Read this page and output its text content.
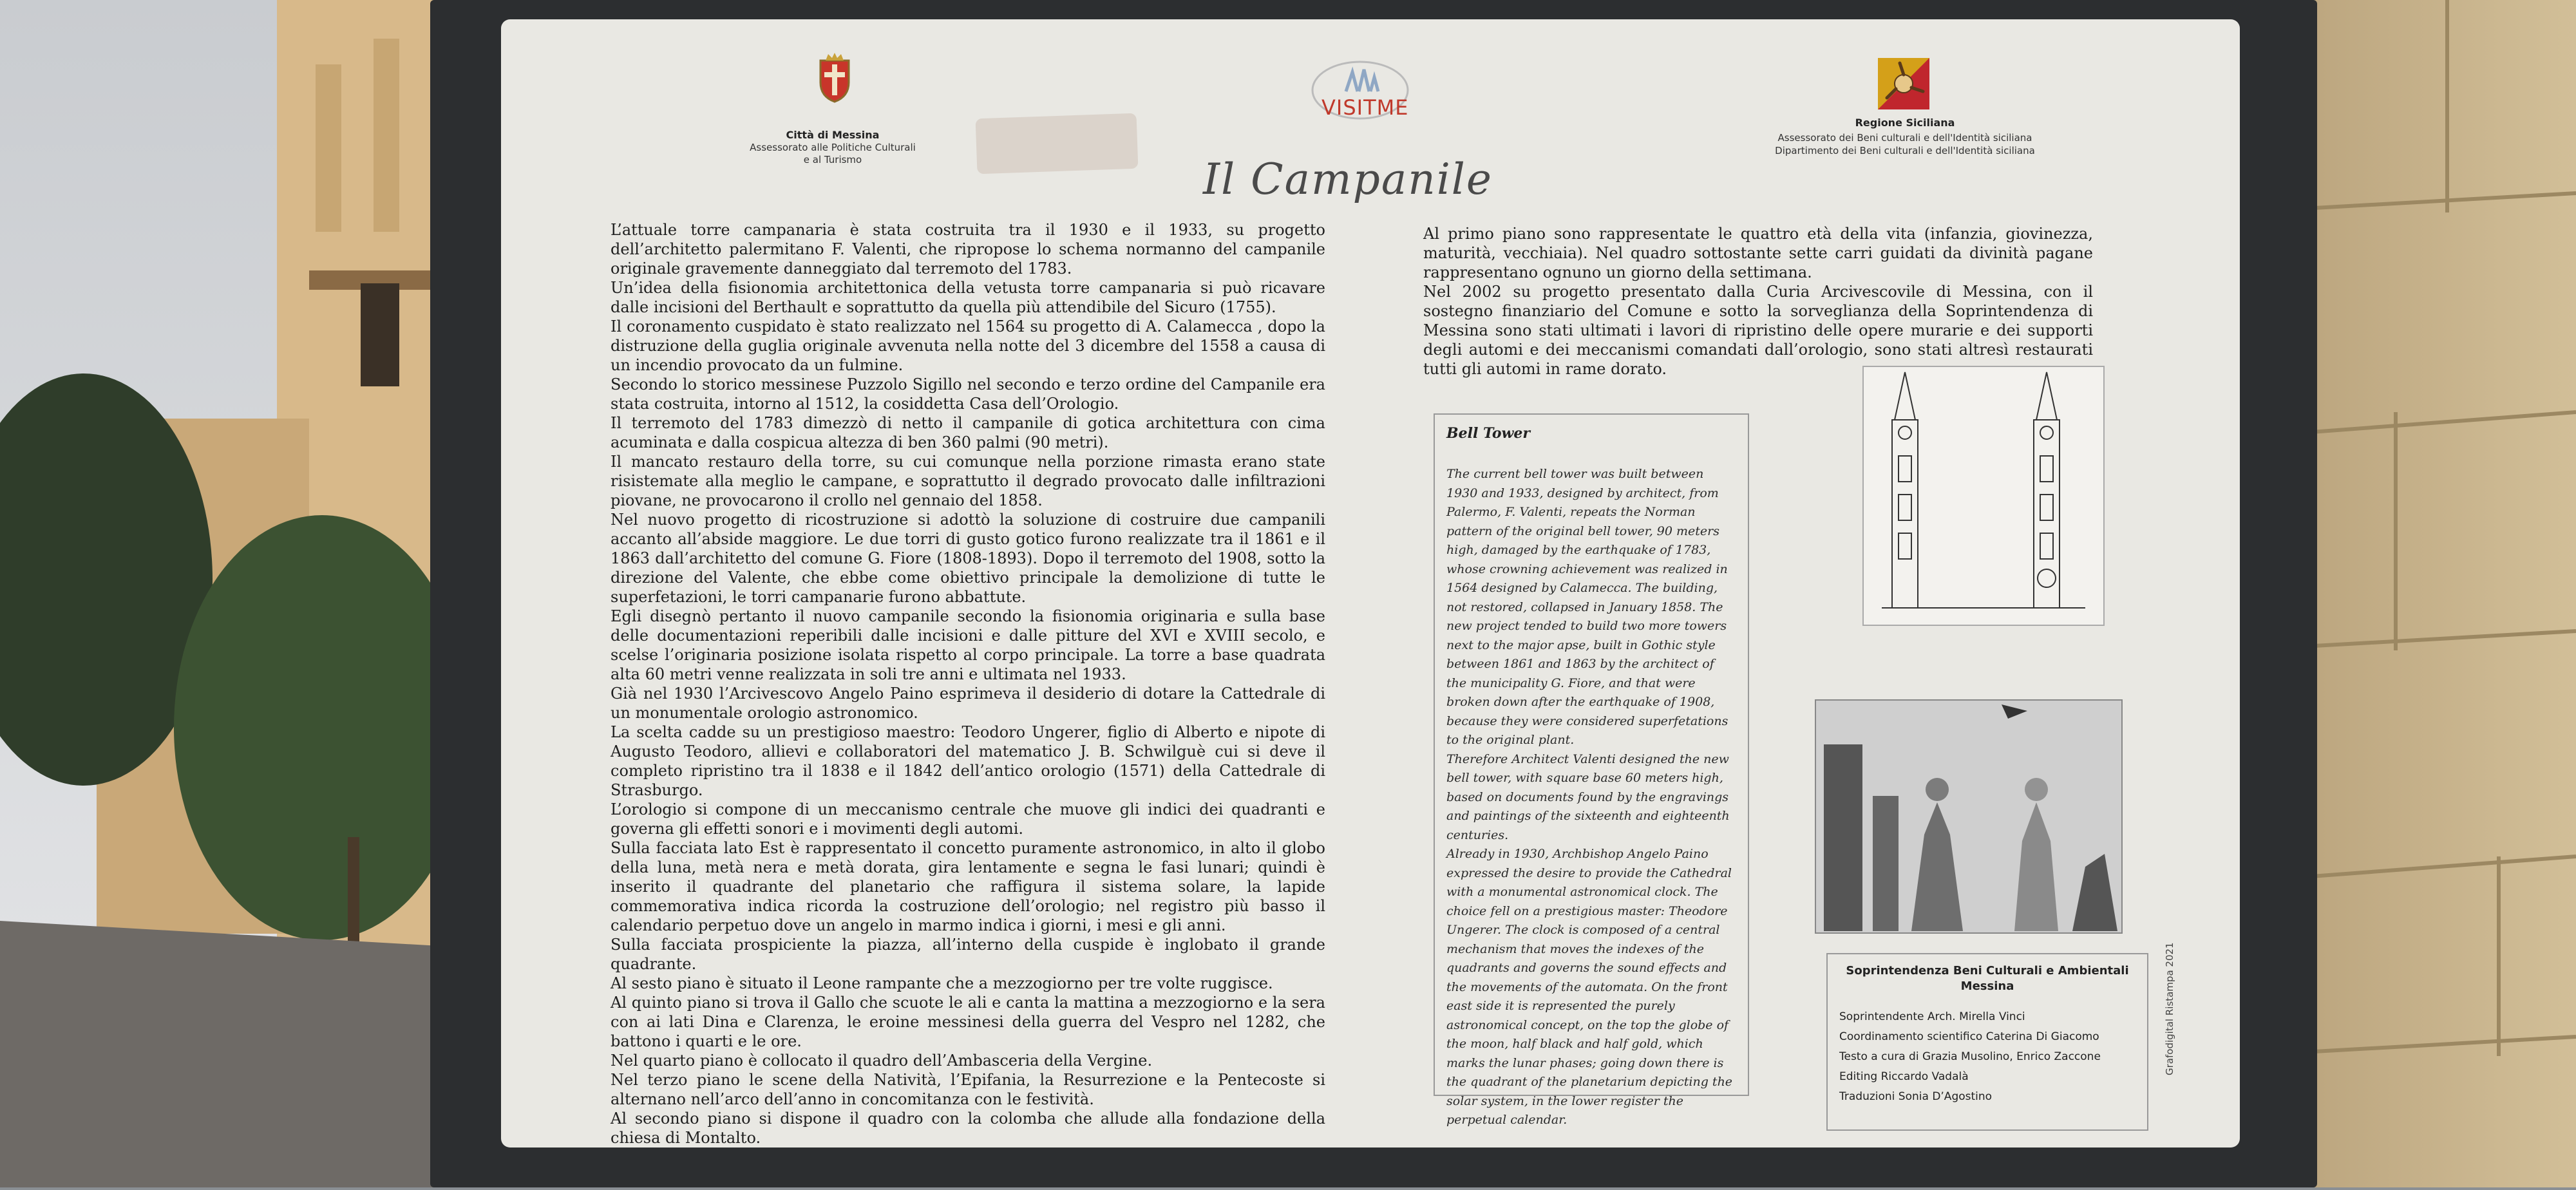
Città di Messina
Assessorato alle Politiche Culturali
e al Turismo
VISITME
Regione Siciliana
Assessorato dei Beni culturali e dell'Identità siciliana
Dipartimento dei Beni culturali e dell'Identità siciliana
Il Campanile

L’attuale torre campanaria è stata costruita tra il 1930 e il 1933, su progetto dell’architetto palermitano F. Valenti, che ripropose lo schema normanno del campanile originale gravemente danneggiato dal terremoto del 1783.

Un’idea della fisionomia architettonica della vetusta torre campanaria si può ricavare dalle incisioni del Berthault e soprattutto da quella più attendibile del Sicuro (1755).

Il coronamento cuspidato è stato realizzato nel 1564 su progetto di A. Calamecca , dopo la distruzione della guglia originale avvenuta nella notte del 3 dicembre del 1558 a causa di un incendio provocato da un fulmine.

Secondo lo storico messinese Puzzolo Sigillo nel secondo e terzo ordine del Campanile era stata costruita, intorno al 1512, la cosiddetta Casa dell’Orologio.

Il terremoto del 1783 dimezzò di netto il campanile di gotica architettura con cima acuminata e dalla cospicua altezza di ben 360 palmi (90 metri).

Il mancato restauro della torre, su cui comunque nella porzione rimasta erano state risistemate alla meglio le campane, e soprattutto il degrado provocato dalle infiltrazioni piovane, ne provocarono il crollo nel gennaio del 1858.

Nel nuovo progetto di ricostruzione si adottò la soluzione di costruire due campanili accanto all’abside maggiore. Le due torri di gusto gotico furono realizzate tra il 1861 e il 1863 dall’architetto del comune G. Fiore (1808-1893). Dopo il terremoto del 1908, sotto la direzione del Valente, che ebbe come obiettivo principale la demolizione di tutte le superfetazioni, le torri campanarie furono abbattute.

Egli disegnò pertanto il nuovo campanile secondo la fisionomia originaria e sulla base delle documentazioni reperibili dalle incisioni e dalle pitture del XVI e XVIII secolo, e scelse l’originaria posizione isolata rispetto al corpo principale. La torre a base quadrata alta 60 metri venne realizzata in soli tre anni e ultimata nel 1933.

Già nel 1930 l’Arcivescovo Angelo Paino esprimeva il desiderio di dotare la Cattedrale di un monumentale orologio astronomico.

La scelta cadde su un prestigioso maestro: Teodoro Ungerer, figlio di Alberto e nipote di Augusto Teodoro, allievi e collaboratori del matematico J. B. Schwilguè cui si deve il completo ripristino tra il 1838 e il 1842 dell’antico orologio (1571) della Cattedrale di Strasburgo.

L’orologio si compone di un meccanismo centrale che muove gli indici dei quadranti e governa gli effetti sonori e i movimenti degli automi.

Sulla facciata lato Est è rappresentato il concetto puramente astronomico, in alto il globo della luna, metà nera e metà dorata, gira lentamente e segna le fasi lunari; quindi è inserito il quadrante del planetario che raffigura il sistema solare, la lapide commemorativa indica ricorda la costruzione dell’orologio; nel registro più basso il calendario perpetuo dove un angelo in marmo indica i giorni, i mesi e gli anni.

Sulla facciata prospiciente la piazza, all’interno della cuspide è inglobato il grande quadrante.

Al sesto piano è situato il Leone rampante che a mezzogiorno per tre volte ruggisce.

Al quinto piano si trova il Gallo che scuote le ali e canta la mattina a mezzogiorno e la sera con ai lati Dina e Clarenza, le eroine messinesi della guerra del Vespro nel 1282, che battono i quarti e le ore.

Nel quarto piano è collocato il quadro dell’Ambasceria della Vergine.

Nel terzo piano le scene della Natività, l’Epifania, la Resurrezione e la Pentecoste si alternano nell’arco dell’anno in concomitanza con le festività.

Al secondo piano si dispone il quadro con la colomba che allude alla fondazione della chiesa di Montalto.

Al primo piano sono rappresentate le quattro età della vita (infanzia, giovinezza, maturità, vecchiaia). Nel quadro sottostante sette carri guidati da divinità pagane rappresentano ognuno un giorno della settimana.

Nel 2002 su progetto presentato dalla Curia Arcivescovile di Messina, con il sostegno finanziario del Comune e sotto la sorveglianza della Soprintendenza di Messina sono stati ultimati i lavori di ripristino delle opere murarie e dei supporti degli automi e dei meccanismi comandati dall’orologio, sono stati altresì restaurati tutti gli automi in rame dorato.

Bell Tower
The current bell tower was built between 1930 and 1933, designed by architect, from Palermo, F. Valenti, repeats the Norman pattern of the original bell tower, 90 meters high, damaged by the earthquake of 1783, whose crowning achievement was realized in 1564 designed by Calamecca. The building, not restored, collapsed in January 1858. The new project tended to build two more towers next to the major apse, built in Gothic style between 1861 and 1863 by the architect of the municipality G. Fiore, and that were broken down after the earthquake of 1908, because they were considered superfetations to the original plant.
Therefore Architect Valenti designed the new bell tower, with square base 60 meters high, based on documents found by the engravings and paintings of the sixteenth and eighteenth centuries.
Already in 1930, Archbishop Angelo Paino expressed the desire to provide the Cathedral with a monumental astronomical clock. The choice fell on a prestigious master: Theodore Ungerer. The clock is composed of a central mechanism that moves the indexes of the quadrants and governs the sound effects and the movements of the automata. On the front east side it is represented the purely astronomical concept, on the top the globe of the moon, half black and half gold, which marks the lunar phases; going down there is the quadrant of the planetarium depicting the solar system, in the lower register the perpetual calendar.
Soprintendenza Beni Culturali e Ambientali
Messina
Soprintendente Arch. Mirella Vinci
Coordinamento scientifico Caterina Di Giacomo
Testo a cura di Grazia Musolino, Enrico Zaccone
Editing Riccardo Vadalà
Traduzioni Sonia D’Agostino
Grafodigital Ristampa 2021
